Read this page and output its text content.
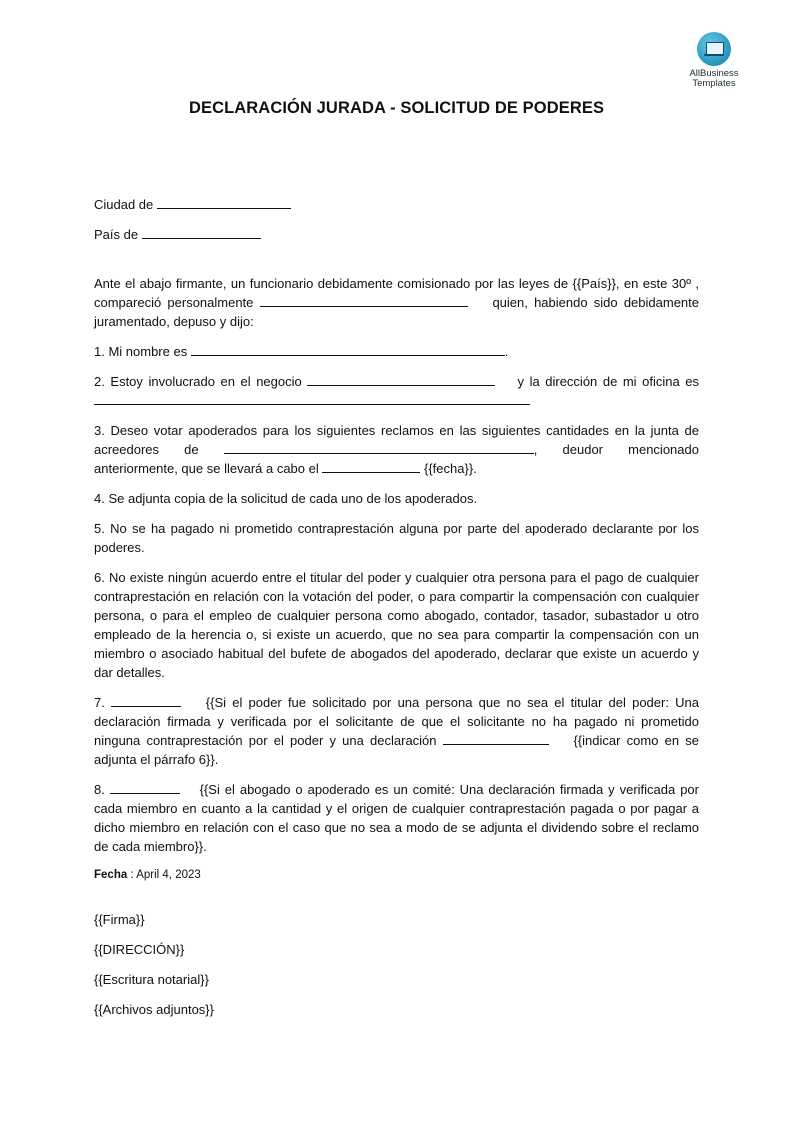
AllBusiness
Templates
DECLARACIÓN JURADA - SOLICITUD DE PODERES

Ciudad de

País de

Ante el abajo firmante, un funcionario debidamente comisionado por las leyes de {{País}}, en este 30º , compareció personalmente	quien, habiendo sido debidamente juramentado, depuso y dijo:

1. Mi nombre es	.

2. Estoy involucrado en el negocio	y la dirección de mi oficina es

3. Deseo votar apoderados para los siguientes reclamos en las siguientes cantidades en la junta de acreedores de	, deudor mencionado anteriormente, que se llevará a cabo el	{{fecha}}.

4. Se adjunta copia de la solicitud de cada uno de los apoderados.

5. No se ha pagado ni prometido contraprestación alguna por parte del apoderado declarante por los poderes.

6. No existe ningún acuerdo entre el titular del poder y cualquier otra persona para el pago de cualquier contraprestación en relación con la votación del poder, o para compartir la compensación con cualquier persona, o para el empleo de cualquier persona como abogado, contador, tasador, subastador u otro empleado de la herencia o, si existe un acuerdo, que no sea para compartir la compensación con un miembro o asociado habitual del bufete de abogados del apoderado, declarar que existe un acuerdo y dar detalles.

7.	{{Si el poder fue solicitado por una persona que no sea el titular del poder: Una declaración firmada y verificada por el solicitante de que el solicitante no ha pagado ni prometido ninguna contraprestación por el poder y una declaración	{{indicar como en se adjunta el párrafo 6}}.

8.	{{Si el abogado o apoderado es un comité: Una declaración firmada y verificada por cada miembro en cuanto a la cantidad y el origen de cualquier contraprestación pagada o por pagar a dicho miembro en relación con el caso que no sea a modo de se adjunta el dividendo sobre el reclamo de cada miembro}}.

Fecha : April 4, 2023

{{Firma}}

{{DIRECCIÓN}}

{{Escritura notarial}}

{{Archivos adjuntos}}
